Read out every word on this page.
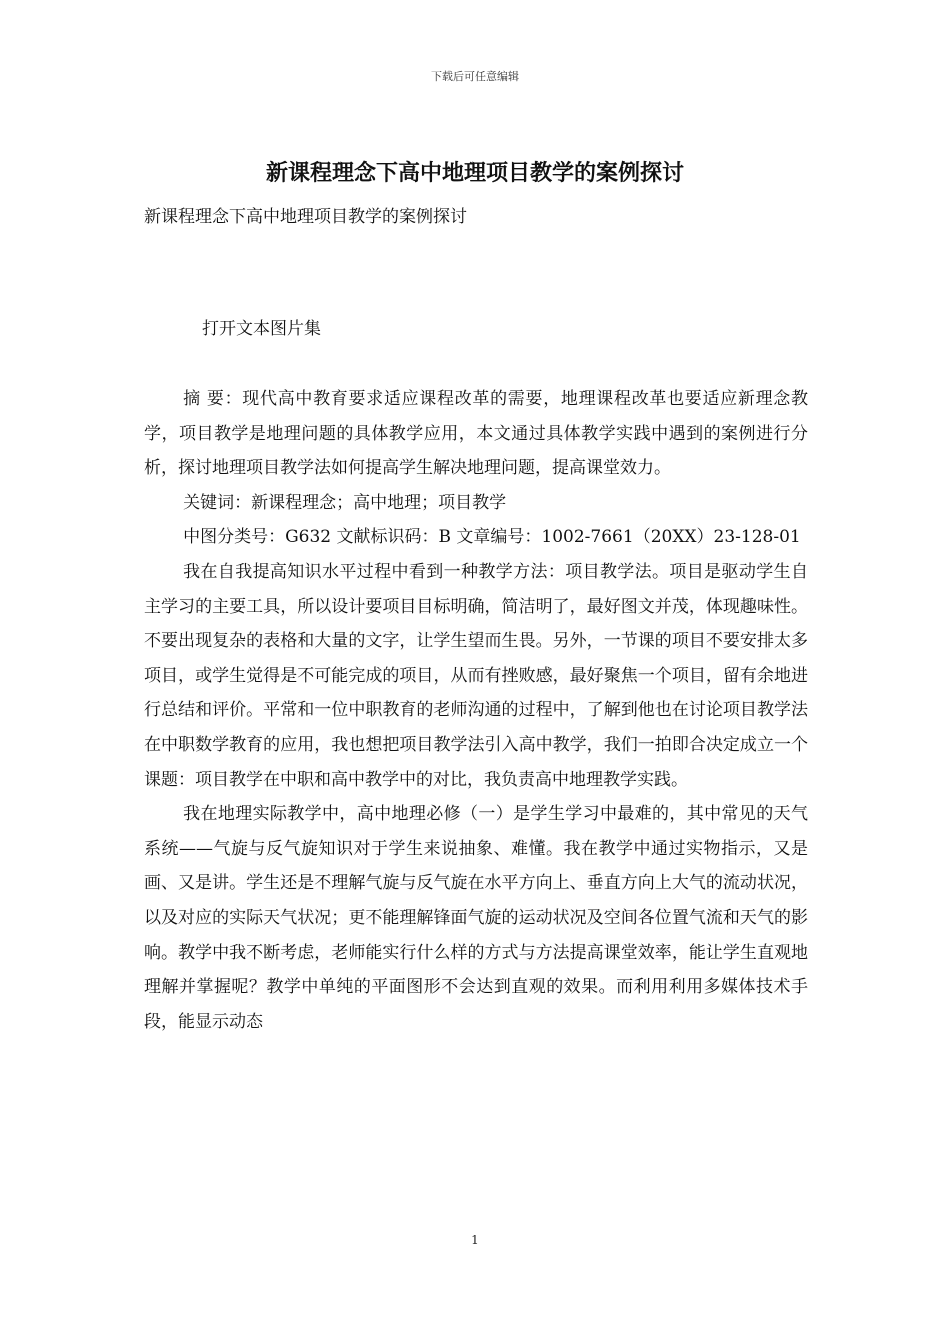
下载后可任意编辑
新课程理念下高中地理项目教学的案例探讨

新课程理念下高中地理项目教学的案例探讨

打开文本图片集

摘 要：现代高中教育要求适应课程改革的需要，地理课程改革也要适应新理念教学，项目教学是地理问题的具体教学应用，本文通过具体教学实践中遇到的案例进行分析，探讨地理项目教学法如何提高学生解决地理问题，提高课堂效力。

关键词：新课程理念；高中地理；项目教学

中图分类号：G632 文献标识码：B 文章编号：1002-7661（20XX）23-128-01

我在自我提高知识水平过程中看到一种教学方法：项目教学法。项目是驱动学生自主学习的主要工具，所以设计要项目目标明确，简洁明了，最好图文并茂，体现趣味性。不要出现复杂的表格和大量的文字，让学生望而生畏。另外，一节课的项目不要安排太多项目，或学生觉得是不可能完成的项目，从而有挫败感，最好聚焦一个项目，留有余地进行总结和评价。平常和一位中职教育的老师沟通的过程中，了解到他也在讨论项目教学法在中职数学教育的应用，我也想把项目教学法引入高中教学，我们一拍即合决定成立一个课题：项目教学在中职和高中教学中的对比，我负责高中地理教学实践。

我在地理实际教学中，高中地理必修（一）是学生学习中最难的，其中常见的天气系统——气旋与反气旋知识对于学生来说抽象、难懂。我在教学中通过实物指示，又是画、又是讲。学生还是不理解气旋与反气旋在水平方向上、垂直方向上大气的流动状况，以及对应的实际天气状况；更不能理解锋面气旋的运动状况及空间各位置气流和天气的影响。教学中我不断考虑，老师能实行什么样的方式与方法提高课堂效率，能让学生直观地理解并掌握呢？教学中单纯的平面图形不会达到直观的效果。而利用利用多媒体技术手段，能显示动态

1
